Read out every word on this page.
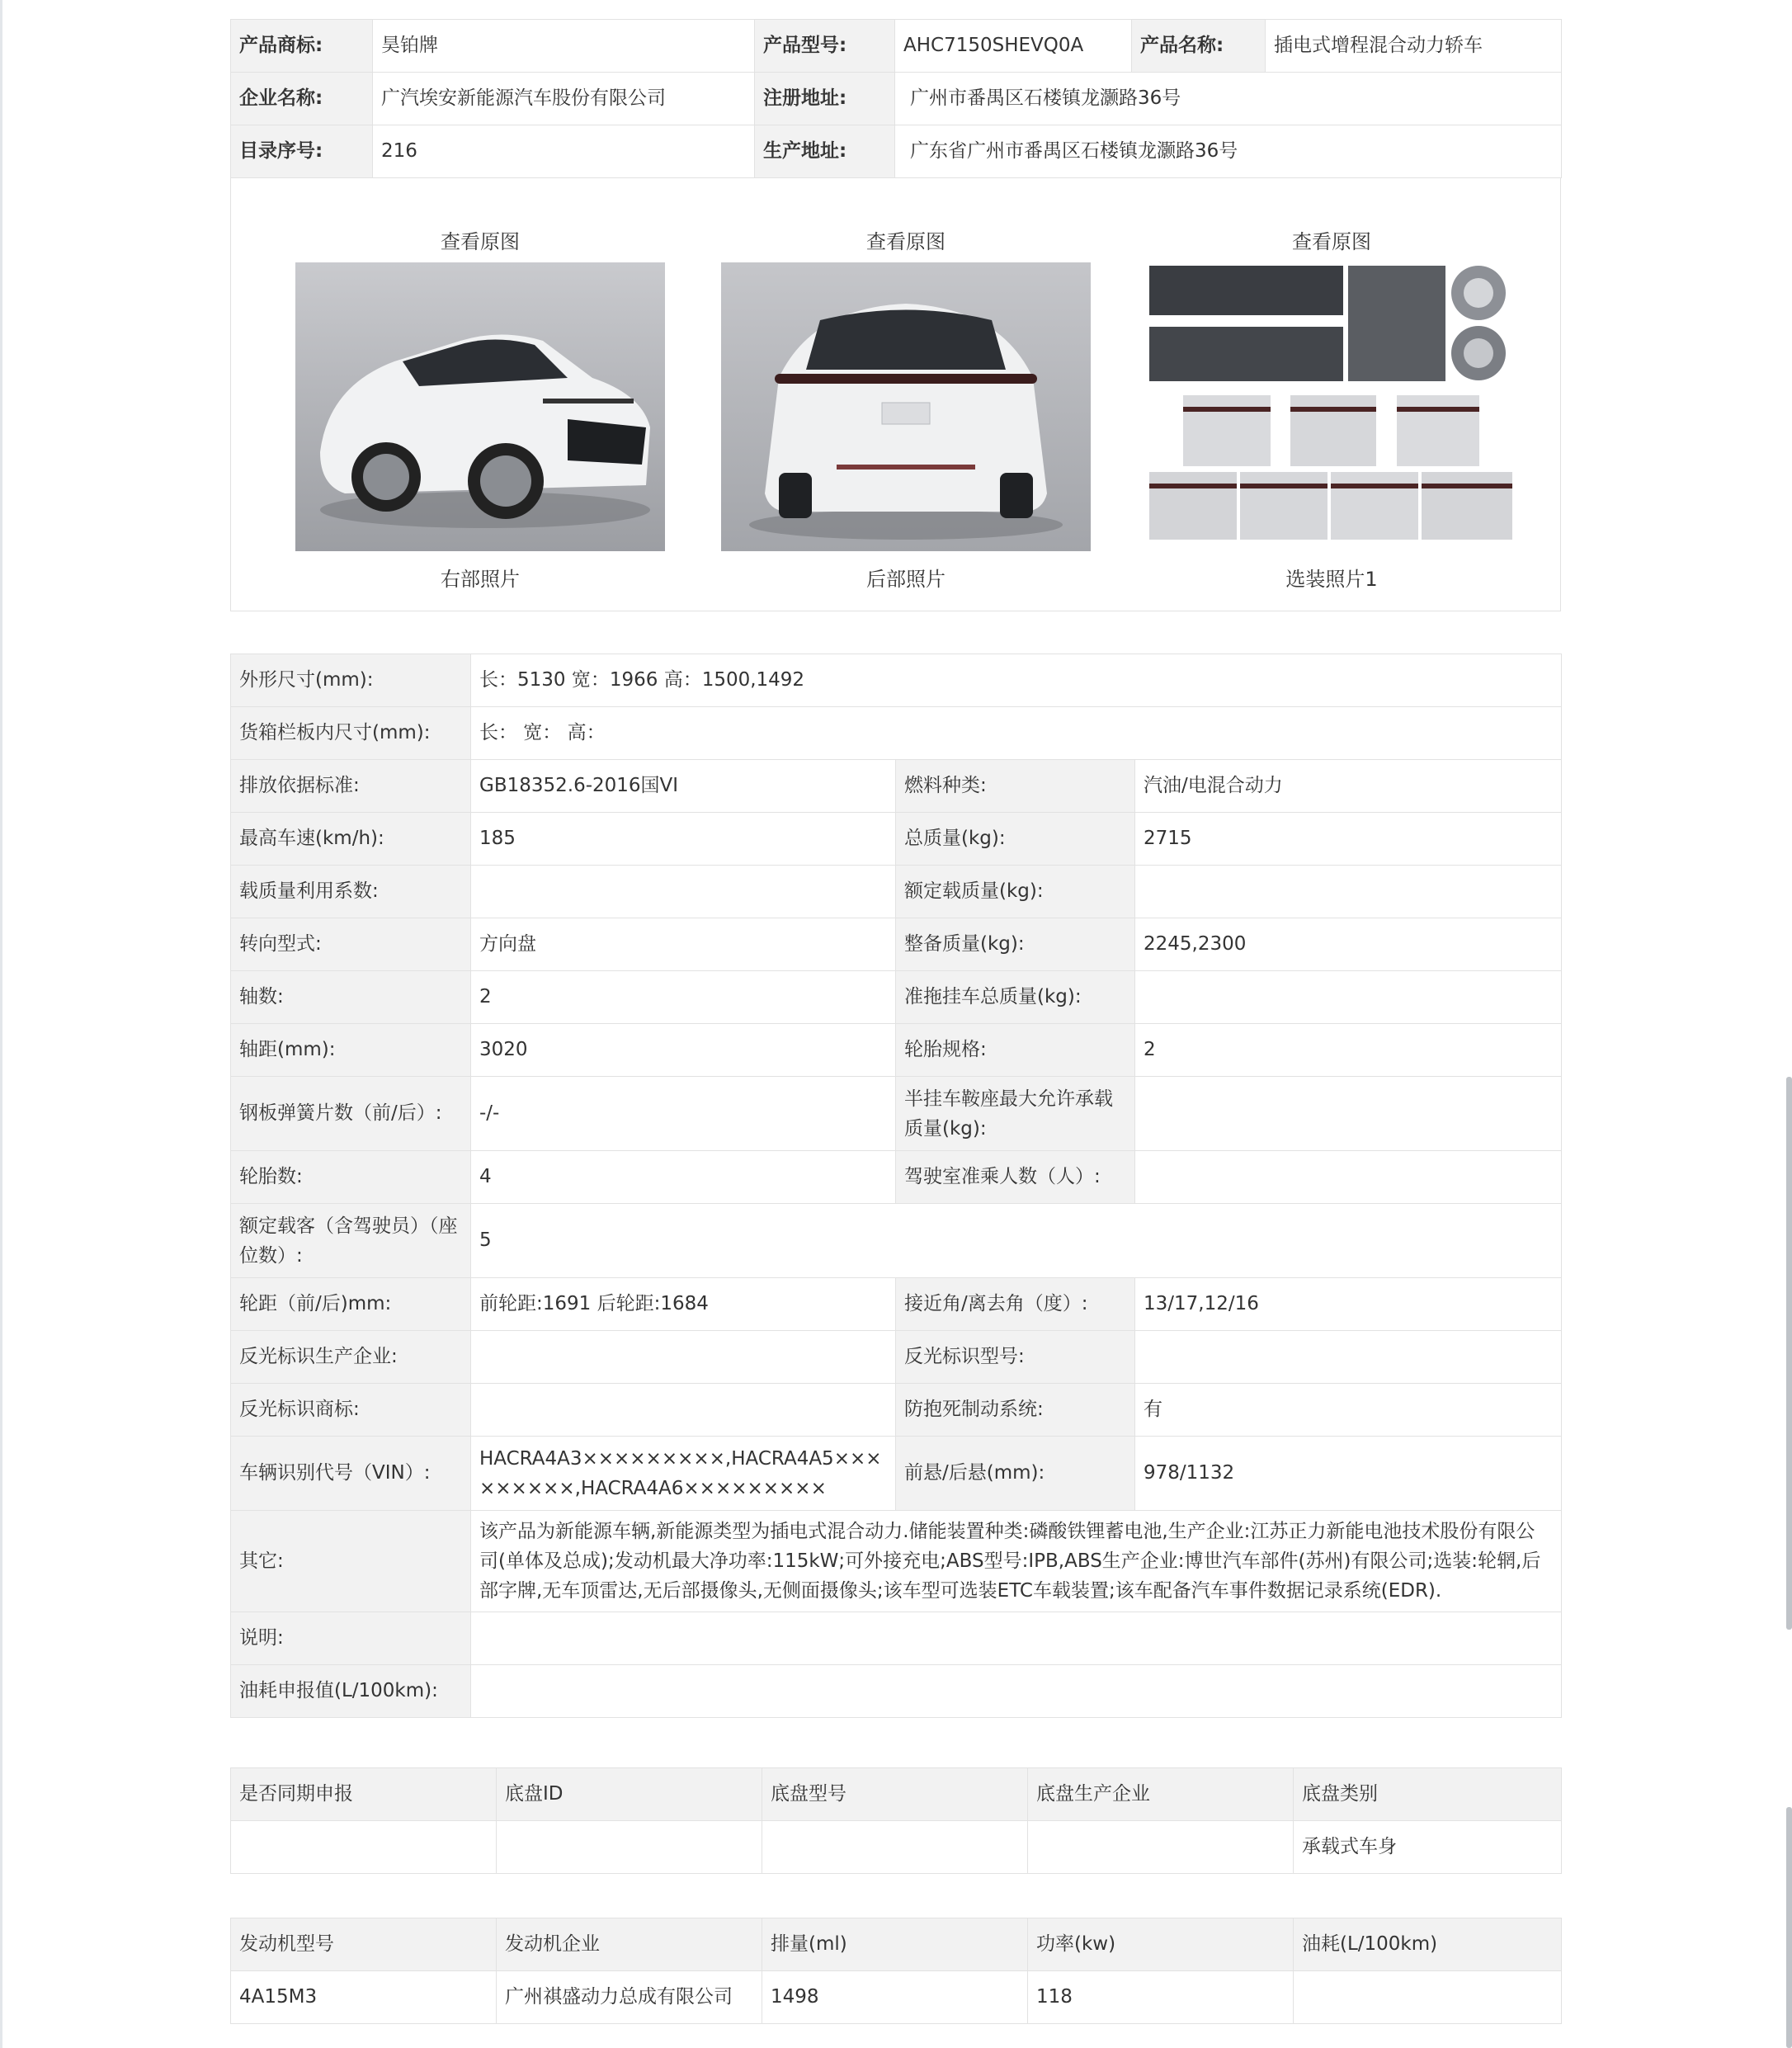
产品商标:	昊铂牌	产品型号:	AHC7150SHEVQ0A	产品名称:	插电式增程混合动力轿车
企业名称:	广汽埃安新能源汽车股份有限公司	注册地址:	广州市番禺区石楼镇龙灏路36号		
目录序号:	216	生产地址:	广东省广州市番禺区石楼镇龙灏路36号		
查看原图
右部照片
查看原图
后部照片
查看原图
选装照片1
外形尺寸(mm):	长：5130 宽：1966 高：1500,1492		
货箱栏板内尺寸(mm):	长： 宽： 高：		
排放依据标准:	GB18352.6-2016国VI	燃料种类:	汽油/电混合动力
最高车速(km/h):	185	总质量(kg):	2715
载质量利用系数:		额定载质量(kg):	
转向型式:	方向盘	整备质量(kg):	2245,2300
轴数:	2	准拖挂车总质量(kg):	
轴距(mm):	3020	轮胎规格:	2
钢板弹簧片数（前/后）:	-/-	半挂车鞍座最大允许承载质量(kg):	
轮胎数:	4	驾驶室准乘人数（人）:	
额定载客（含驾驶员）（座位数）:	5		
轮距（前/后)mm:	前轮距:1691 后轮距:1684	接近角/离去角（度）:	13/17,12/16
反光标识生产企业:		反光标识型号:	
反光标识商标:		防抱死制动系统:	有
车辆识别代号（VIN）:	HACRA4A3×××××××××,HACRA4A5×××××××××,HACRA4A6×××××××××	前悬/后悬(mm):	978/1132
其它:	该产品为新能源车辆,新能源类型为插电式混合动力.储能装置种类:磷酸铁锂蓄电池,生产企业:江苏正力新能电池技术股份有限公司(单体及总成);发动机最大净功率:115kW;可外接充电;ABS型号:IPB,ABS生产企业:博世汽车部件(苏州)有限公司;选装:轮辋,后部字牌,无车顶雷达,无后部摄像头,无侧面摄像头;该车型可选装ETC车载装置;该车配备汽车事件数据记录系统(EDR).		
说明:			
油耗申报值(L/100km):			
是否同期申报	底盘ID	底盘型号	底盘生产企业	底盘类别
				承载式车身
发动机型号	发动机企业	排量(ml)	功率(kw)	油耗(L/100km)
4A15M3	广州祺盛动力总成有限公司	1498	118	
